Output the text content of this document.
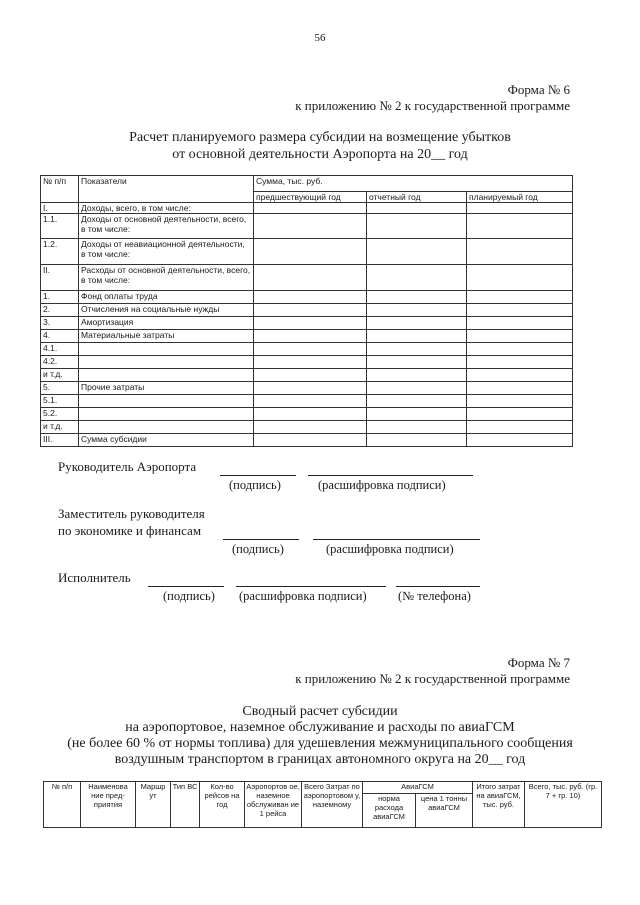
56
Форма № 6
к приложению № 2 к государственной программе
Расчет планируемого размера субсидии на возмещение убытков
от основной деятельности Аэропорта на 20__ год
№ п/п	Показатели	Сумма, тыс. руб.		
		предшествующий год	отчетный год	планируемый год
I.	Доходы, всего, в том числе:			
1.1.	Доходы от основной деятельности, всего, в том числе:			
1.2.	Доходы от неавиационной деятельности, в том числе:			
II.	Расходы от основной деятельности, всего, в том числе:			
1.	Фонд оплаты труда			
2.	Отчисления на социальные нужды			
3.	Амортизация			
4.	Материальные затраты			
4.1.				
4.2.				
и т.д.				
5.	Прочие затраты			
5.1.				
5.2.				
и т.д.				
III.	Сумма субсидии			
Руководитель Аэропорта
(подпись)	(расшифровка подписи)
Заместитель руководителя
по экономике и финансам
(подпись)	(расшифровка подписи)
Исполнитель
(подпись) (расшифровка подписи)	(№ телефона)
Форма № 7
к приложению № 2 к государственной программе
Сводный расчет субсидии
на аэропортовое, наземное обслуживание и расходы по авиаГСМ
(не более 60 % от нормы топлива) для удешевления межмуниципального сообщения
воздушным транспортом в границах автономного округа на 20__ год
№ п/п	Наименова ние пред- приятия	Маршр ут	Тип ВС	Кол-во рейсов на год	Аэропортов ое, наземное обслуживан ие 1 рейса	Всего Затрат по аэропортовом у, наземному	АвиаГСМ		Итого затрат на авиаГСМ, тыс. руб.	Всего, тыс. руб. (гр. 7 + гр. 10)
							норма расхода авиаГСМ	цена 1 тонны авиаГСМ		
